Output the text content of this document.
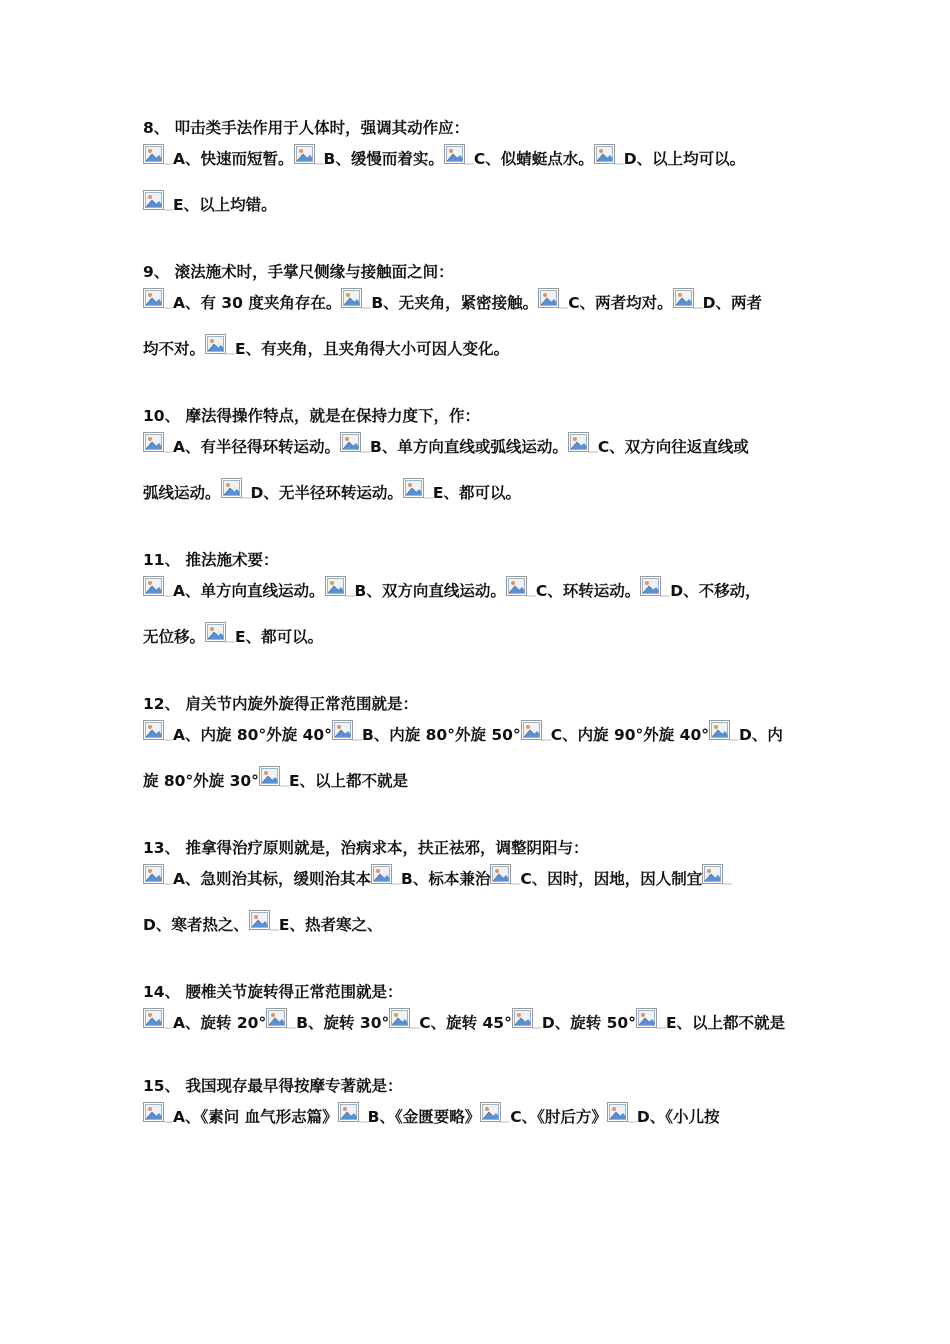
8、 叩击类手法作用于人体时，强调其动作应：
A、快速而短暂。 B、缓慢而着实。 C、似蜻蜓点水。 D、以上均可以。
E、以上均错。
9、 滚法施术时，手掌尺侧缘与接触面之间：
A、有 30 度夹角存在。 B、无夹角，紧密接触。 C、两者均对。 D、两者
均不对。 E、有夹角，且夹角得大小可因人变化。
10、 摩法得操作特点，就是在保持力度下，作：
A、有半径得环转运动。 B、单方向直线或弧线运动。 C、双方向往返直线或
弧线运动。 D、无半径环转运动。 E、都可以。
11、 推法施术要：
A、单方向直线运动。 B、双方向直线运动。 C、环转运动。 D、不移动，
无位移。 E、都可以。
12、 肩关节内旋外旋得正常范围就是：
A、内旋 80°外旋 40° B、内旋 80°外旋 50° C、内旋 90°外旋 40° D、内
旋 80°外旋 30° E、以上都不就是
13、 推拿得治疗原则就是，治病求本，扶正祛邪，调整阴阳与：
A、急则治其标，缓则治其本 B、标本兼治 C、因时，因地，因人制宜
D、寒者热之、 E、热者寒之、
14、 腰椎关节旋转得正常范围就是：
A、旋转 20° B、旋转 30° C、旋转 45° D、旋转 50° E、以上都不就是
15、 我国现存最早得按摩专著就是：
A、《素问 血气形志篇》 B、《金匮要略》 C、《肘后方》 D、《小儿按
